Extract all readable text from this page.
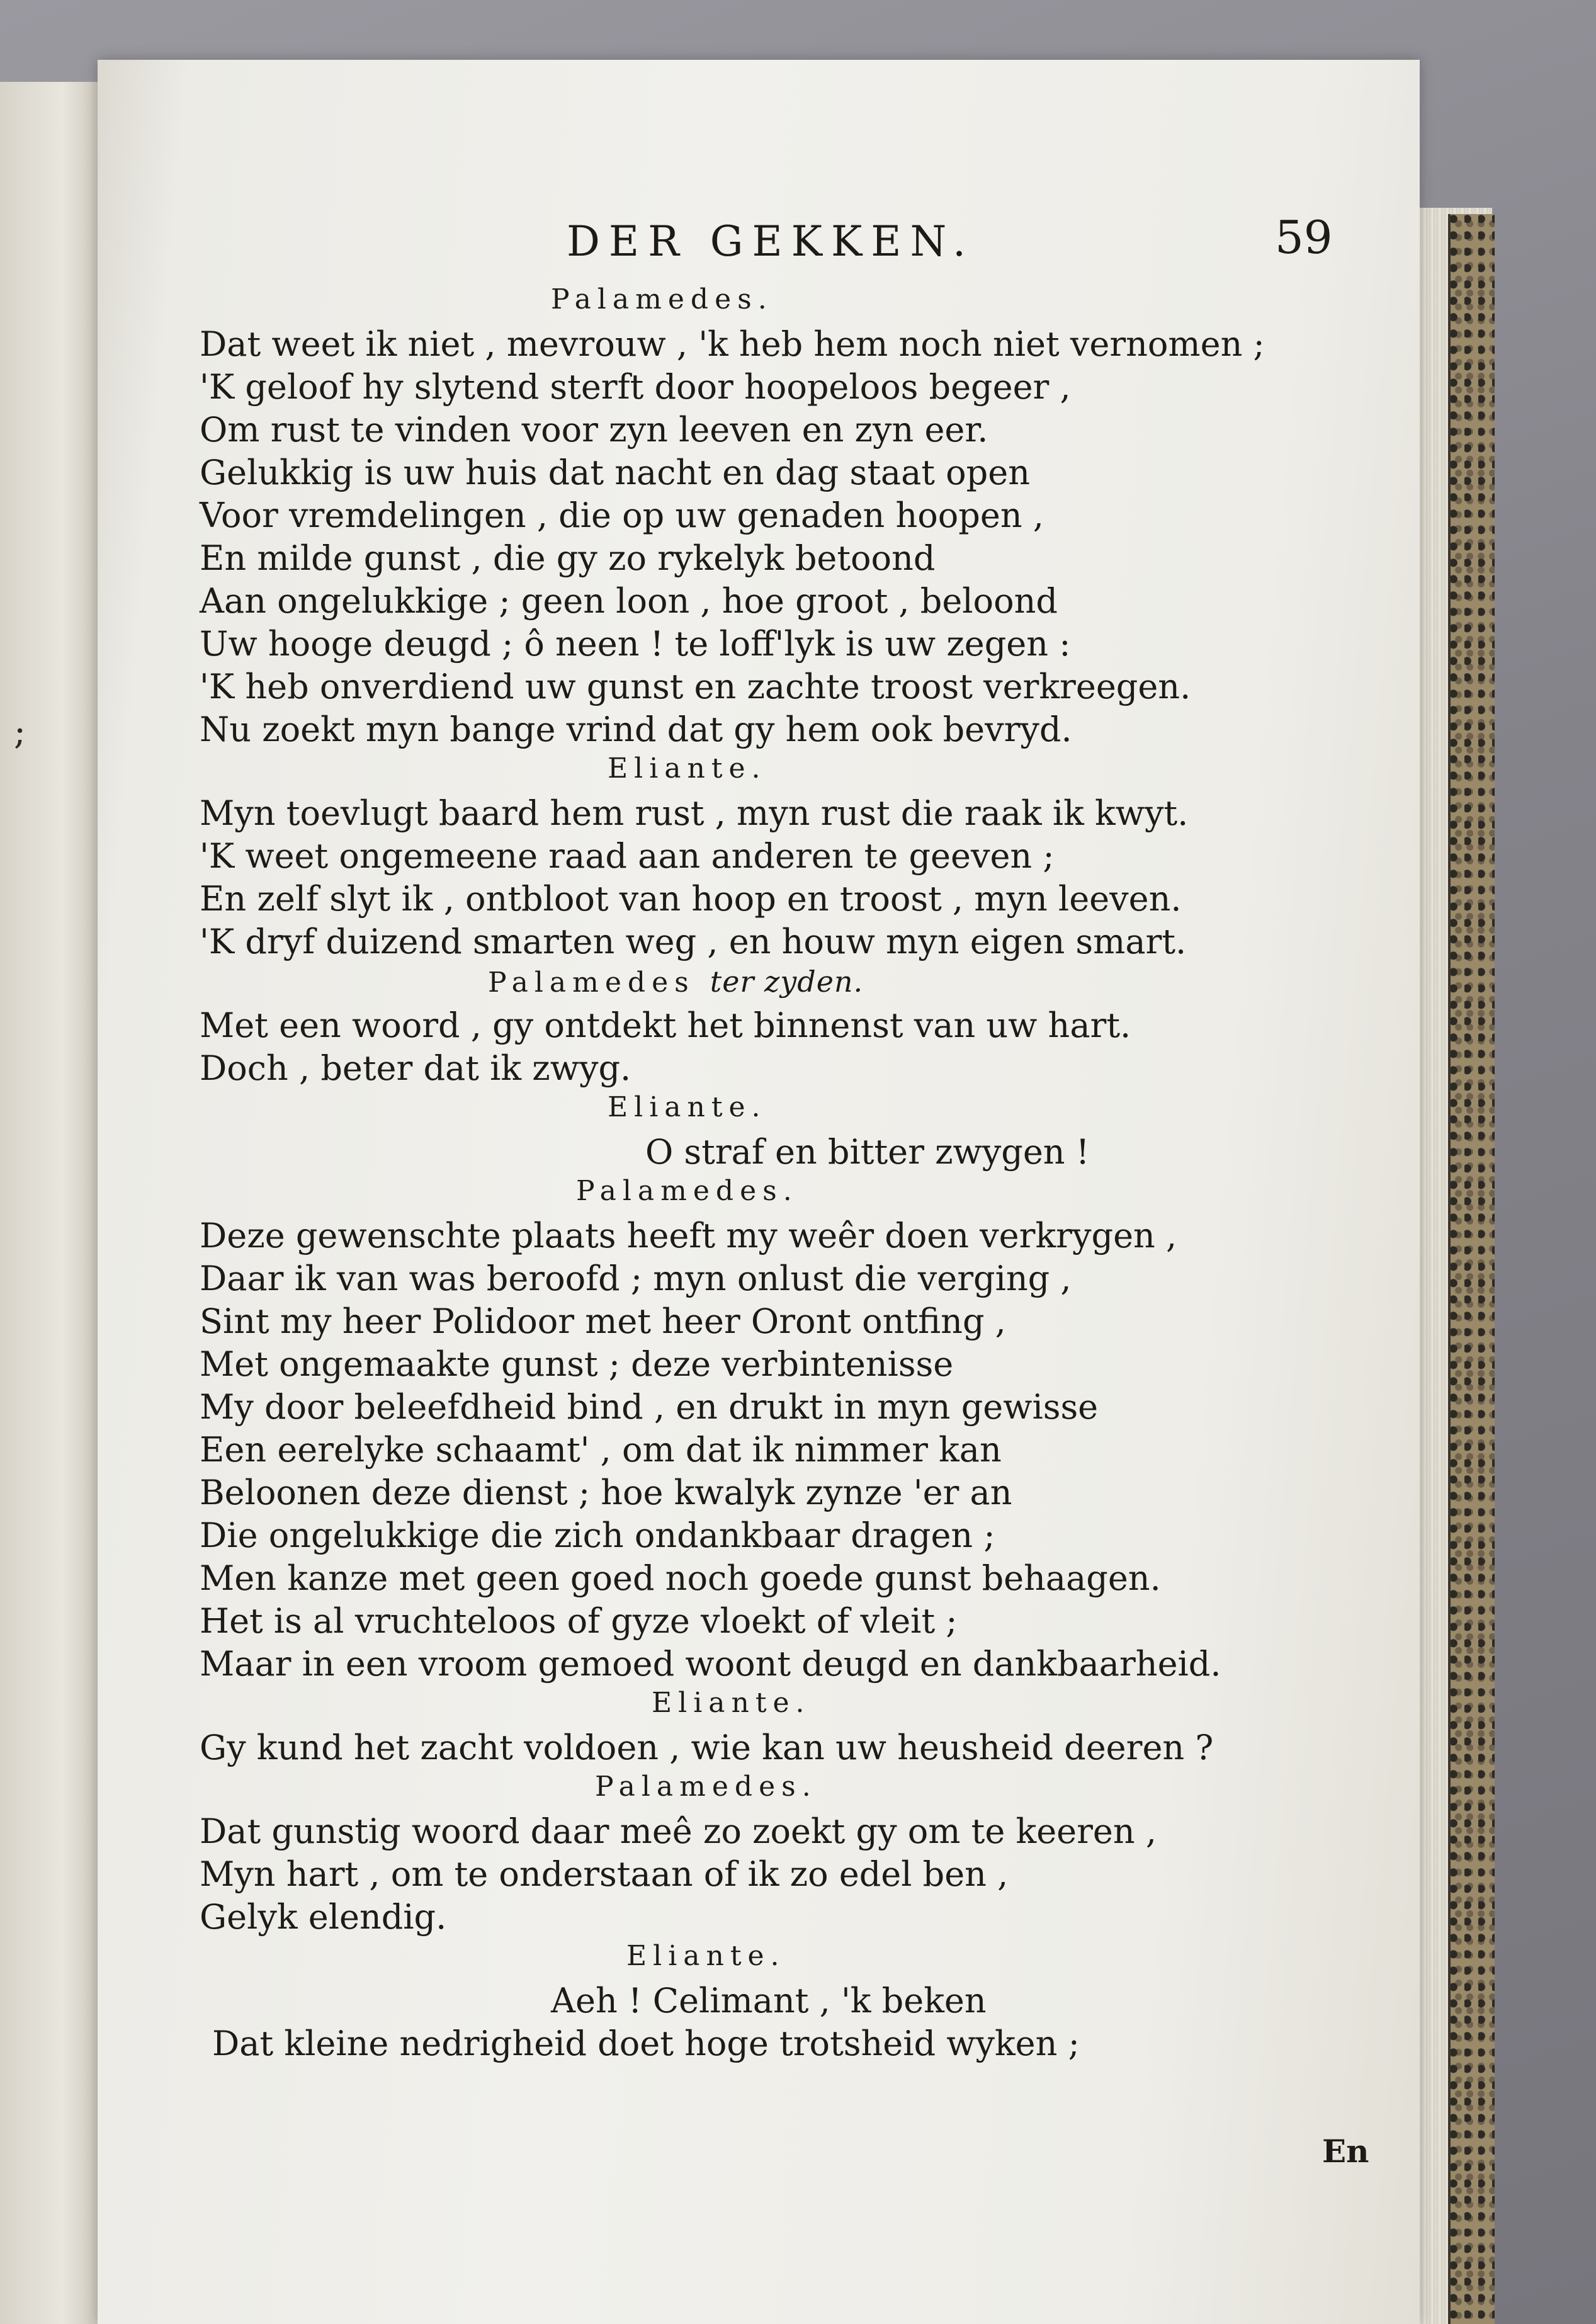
;
DER GEKKEN.	59
Palamedes.
Dat weet ik niet , mevrouw , 'k heb hem noch niet vernomen ;
'K geloof hy slytend sterft door hoopeloos begeer ,
Om rust te vinden voor zyn leeven en zyn eer.
Gelukkig is uw huis dat nacht en dag staat open
Voor vremdelingen , die op uw genaden hoopen ,
En milde gunst , die gy zo rykelyk betoond
Aan ongelukkige ; geen loon , hoe groot , beloond
Uw hooge deugd ; ô neen ! te loff'lyk is uw zegen :
'K heb onverdiend uw gunst en zachte troost verkreegen.
Nu zoekt myn bange vrind dat gy hem ook bevryd.
Eliante.
Myn toevlugt baard hem rust , myn rust die raak ik kwyt.
'K weet ongemeene raad aan anderen te geeven ;
En zelf slyt ik , ontbloot van hoop en troost , myn leeven.
'K dryf duizend smarten weg , en houw myn eigen smart.
Palamedes ter zyden.
Met een woord , gy ontdekt het binnenst van uw hart.
Doch , beter dat ik zwyg.
Eliante.
O straf en bitter zwygen !
Palamedes.
Deze gewenschte plaats heeft my weêr doen verkrygen ,
Daar ik van was beroofd ; myn onlust die verging ,
Sint my heer Polidoor met heer Oront ontfing ,
Met ongemaakte gunst ; deze verbintenisse
My door beleefdheid bind , en drukt in myn gewisse
Een eerelyke schaamt' , om dat ik nimmer kan
Beloonen deze dienst ; hoe kwalyk zynze 'er an
Die ongelukkige die zich ondankbaar dragen ;
Men kanze met geen goed noch goede gunst behaagen.
Het is al vruchteloos of gyze vloekt of vleit ;
Maar in een vroom gemoed woont deugd en dankbaarheid.
Eliante.
Gy kund het zacht voldoen , wie kan uw heusheid deeren ?
Palamedes.
Dat gunstig woord daar meê zo zoekt gy om te keeren ,
Myn hart , om te onderstaan of ik zo edel ben ,
Gelyk elendig.
Eliante.
Aeh ! Celimant , 'k beken
Dat kleine nedrigheid doet hoge trotsheid wyken ;
En
